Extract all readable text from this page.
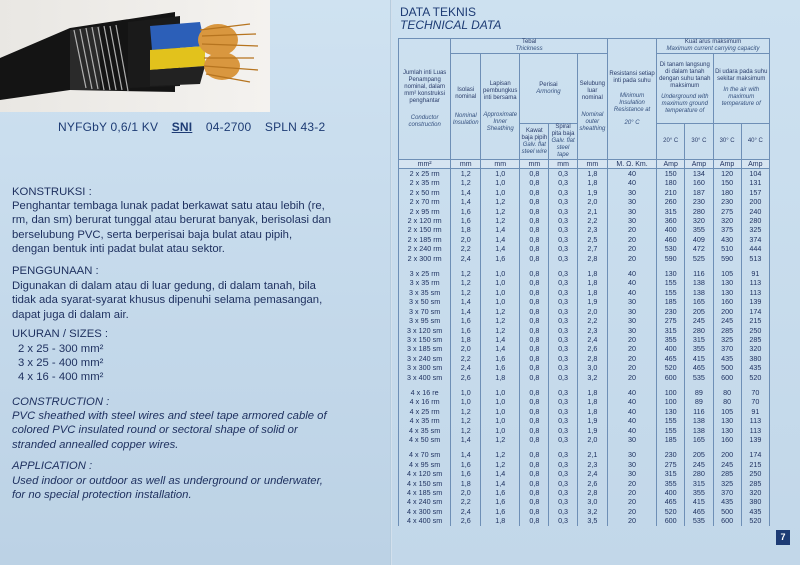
NYFGbY 0,6/1 KV SNI 04-2700 SPLN 43-2
KONSTRUKSI :
Penghantar tembaga lunak padat berkawat satu atau lebih (re,
rm, dan sm) berurat tunggal atau berurat banyak, berisolasi dan
berselubung PVC, serta berperisai baja bulat atau pipih,
dengan bentuk inti padat bulat atau sektor.
PENGGUNAAN :
Digunakan di dalam atau di luar gedung, di dalam tanah, bila
tidak ada syarat-syarat khusus dipenuhi selama pemasangan,
dapat juga di dalam air.
UKURAN / SIZES :
2 x 25 - 300 mm²
3 x 25 - 400 mm²
4 x 16 - 400 mm²
CONSTRUCTION :
PVC sheathed with steel wires and steel tape armored cable of
colored PVC insulated round or sectoral shape of solid or
stranded annealled copper wires.
APPLICATION :
Used indoor or outdoor as well as underground or underwater,
for no special protection installation.
DATA TEKNIS
TECHNICAL DATA
Jumlah inti Luas Penampang nominal, dalam mm² konstruksi penghantar
Conductor construction	Tebal
Thickness					Resistansi setiap inti pada suhu
Minimum Insulation Resistance at
20° C	Kuat arus maksimum
Maximum current carrying capacity			

	Isolasi nominal
Nominal Insulation	Lapisan pembungkus inti bersama
Approximate Inner Sheathing	Perisai
Armoring		Selubung luar nominal
Nominal outer sheathing		Di tanam langsung di dalam tanah dengan suhu tanah maksimum
Underground with maximum ground temperature of		Di udara pada suhu sekitar maksimum
In the air with maximum temperature of	

			Kawat baja pipih
Galv. flat steel wire	Spiral pita baja
Galv. flat steel tape			20° C	30° C	30° C	40° C
mm²	mm	mm	mm	mm	mm	M. Ω. Km.	Amp	Amp	Amp	Amp
2 x 25 rm	1,2	1,0	0,8	0,3	1,8	40	150	134	120	104
2 x 35 rm	1,2	1,0	0,8	0,3	1,8	40	180	160	150	131
2 x 50 rm	1,4	1,0	0,8	0,3	1,9	30	210	187	180	157
2 x 70 rm	1,4	1,2	0,8	0,3	2,0	30	260	230	230	200
2 x 95 rm	1,6	1,2	0,8	0,3	2,1	30	315	280	275	240
2 x 120 rm	1,6	1,2	0,8	0,3	2,2	30	360	320	320	280
2 x 150 rm	1,8	1,4	0,8	0,3	2,3	20	400	355	375	325
2 x 185 rm	2,0	1,4	0,8	0,3	2,5	20	460	409	430	374
2 x 240 rm	2,2	1,4	0,8	0,3	2,7	20	530	472	510	444
2 x 300 rm	2,4	1,6	0,8	0,3	2,8	20	590	525	590	513

3 x 25 rm	1,2	1,0	0,8	0,3	1,8	40	130	116	105	91
3 x 35 rm	1,2	1,0	0,8	0,3	1,8	40	155	138	130	113
3 x 35 sm	1,2	1,0	0,8	0,3	1,8	40	155	138	130	113
3 x 50 sm	1,4	1,0	0,8	0,3	1,9	30	185	165	160	139
3 x 70 sm	1,4	1,2	0,8	0,3	2,0	30	230	205	200	174
3 x 95 sm	1,6	1,2	0,8	0,3	2,2	30	275	245	245	215
3 x 120 sm	1,6	1,2	0,8	0,3	2,3	30	315	280	285	250
3 x 150 sm	1,8	1,4	0,8	0,3	2,4	20	355	315	325	285
3 x 185 sm	2,0	1,4	0,8	0,3	2,6	20	400	355	370	320
3 x 240 sm	2,2	1,6	0,8	0,3	2,8	20	465	415	435	380
3 x 300 sm	2,4	1,6	0,8	0,3	3,0	20	520	465	500	435
3 x 400 sm	2,6	1,8	0,8	0,3	3,2	20	600	535	600	520

4 x 16 re	1,0	1,0	0,8	0,3	1,8	40	100	89	80	70
4 x 16 rm	1,0	1,0	0,8	0,3	1,8	40	100	89	80	70
4 x 25 rm	1,2	1,0	0,8	0,3	1,8	40	130	116	105	91
4 x 35 rm	1,2	1,0	0,8	0,3	1,9	40	155	138	130	113
4 x 35 sm	1,2	1,0	0,8	0,3	1,9	40	155	138	130	113
4 x 50 sm	1,4	1,2	0,8	0,3	2,0	30	185	165	160	139

4 x 70 sm	1,4	1,2	0,8	0,3	2,1	30	230	205	200	174
4 x 95 sm	1,6	1,2	0,8	0,3	2,3	30	275	245	245	215
4 x 120 sm	1,6	1,4	0,8	0,3	2,4	30	315	280	285	250
4 x 150 sm	1,8	1,4	0,8	0,3	2,6	20	355	315	325	285
4 x 185 sm	2,0	1,6	0,8	0,3	2,8	20	400	355	370	320
4 x 240 sm	2,2	1,6	0,8	0,3	3,0	20	465	415	435	380
4 x 300 sm	2,4	1,6	0,8	0,3	3,2	20	520	465	500	435
4 x 400 sm	2,6	1,8	0,8	0,3	3,5	20	600	535	600	520
7
